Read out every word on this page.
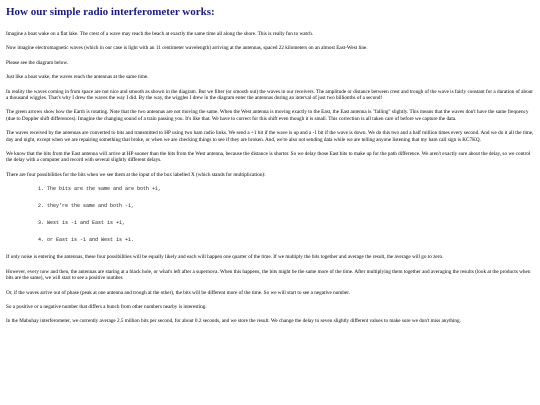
How our simple radio interferometer works:

Imagine a boat wake on a flat lake. The crest of a wave may reach the beach at exactly the same time all along the shore. This is really fun to watch.

Now imagine electromagnetic waves (which in our case is light with an 11 centimeter wavelength) arriving at the antennas, spaced 22 kilometers on an almost East-West line.

Please see the diagram below.

Just like a boat wake, the waves reach the antennas at the same time.

In reality the waves coming in from space are not nice and smooth as shown in the diagram. But we filter (or smooth out) the waves in our receivers. The amplitude or distance between crest and trough of the wave is fairly constant for a duration of about a thousand wiggles. That's why I drew the waves the way I did. By the way, the wiggles I drew in the diagram enter the antennas during an interval of just two billionths of a second!

The green arrows show how the Earth is rotating. Note that the two antennas are not moving the same. When the West antenna is moving exactly to the East, the East antenna is "falling" slightly. This means that the waves don't have the same frequency (due to Doppler shift differences). Imagine the changing sound of a train passing you. It's like that. We have to correct for this shift even though it is small. This correction is all taken care of before we capture the data.

The waves received by the antennas are converted to bits and transmitted to HP using two ham radio links. We send a +1 bit if the wave is up and a -1 bit if the wave is down. We do this two and a half million times every second. And we do it all the time, day and night, except when we are repairing something that broke, or when we are checking things to see if they are broken. And, we're also not sending data while we are telling anyone listening that my ham call sign is KC7KQ.

We know that the bits from the East antenna will arrive at HP sooner than the bits from the West antenna, because the distance is shorter. So we delay those East bits to make up for the path difference. We aren't exactly sure about the delay, so we control the delay with a computer and record with several slightly different delays.

There are four possibilities for the bits when we see them at the input of the box labelled X (which stands for multiplication):

1. The bits are the same and are both +1,
2. they're the same and both -1,
3. West is -1 and East is +1,
4. or East is -1 and West is +1.

If only noise is entering the antennas, these four possibilities will be equally likely and each will happen one quarter of the time. If we multiply the bits together and average the result, the average will go to zero.

However, every now and then, the antennas are staring at a black hole, or what's left after a supernova. When this happens, the bits might be the same more of the time. After multiplying them together and averaging the results (look at the products when bits are the same), we will start to see a positive number.

Or, if the waves arrive out of phase (peak at one antenna and trough at the other), the bits will be different more of the time. So we will start to see a negative number.

So a positive or a negative number that differs a bunch from other numbers nearby is interesting.

In the Mabuhay interferometer, we currently average 2.5 million bits per second, for about 0.2 seconds, and we store the result. We change the delay to seven slightly different values to make sure we don't miss anything.
